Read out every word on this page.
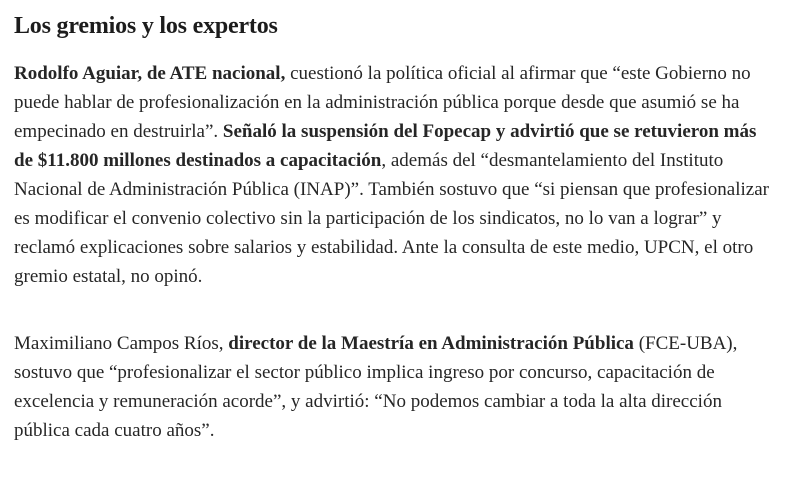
Los gremios y los expertos

Rodolfo Aguiar, de ATE nacional, cuestionó la política oficial al afirmar que “este Gobierno no puede hablar de profesionalización en la administración pública porque desde que asumió se ha empecinado en destruirla”. Señaló la suspensión del Fopecap y advirtió que se retuvieron más de $11.800 millones destinados a capacitación, además del “desmantelamiento del Instituto Nacional de Administración Pública (INAP)”. También sostuvo que “si piensan que profesionalizar es modificar el convenio colectivo sin la participación de los sindicatos, no lo van a lograr” y reclamó explicaciones sobre salarios y estabilidad. Ante la consulta de este medio, UPCN, el otro gremio estatal, no opinó.

Maximiliano Campos Ríos, director de la Maestría en Administración Pública (FCE-UBA), sostuvo que “profesionalizar el sector público implica ingreso por concurso, capacitación de excelencia y remuneración acorde”, y advirtió: “No podemos cambiar a toda la alta dirección pública cada cuatro años”.
